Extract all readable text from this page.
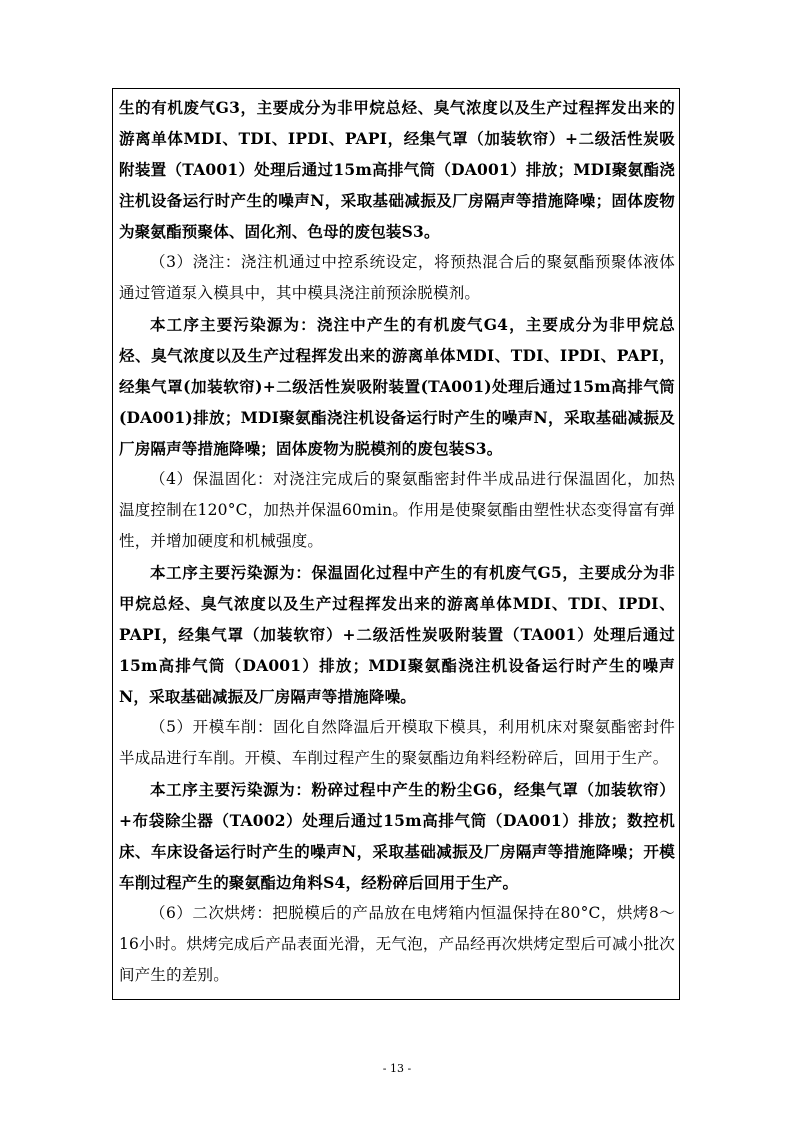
生的有机废气G3，主要成分为非甲烷总烃、臭气浓度以及生产过程挥发出来的游离单体MDI、TDI、IPDI、PAPI，经集气罩（加装软帘）+二级活性炭吸附装置（TA001）处理后通过15m高排气筒（DA001）排放；MDI聚氨酯浇注机设备运行时产生的噪声N，采取基础减振及厂房隔声等措施降噪；固体废物为聚氨酯预聚体、固化剂、色母的废包装S3。

（3）浇注：浇注机通过中控系统设定，将预热混合后的聚氨酯预聚体液体通过管道泵入模具中，其中模具浇注前预涂脱模剂。

本工序主要污染源为：浇注中产生的有机废气G4，主要成分为非甲烷总烃、臭气浓度以及生产过程挥发出来的游离单体MDI、TDI、IPDI、PAPI，经集气罩(加装软帘)+二级活性炭吸附装置(TA001)处理后通过15m高排气筒(DA001)排放；MDI聚氨酯浇注机设备运行时产生的噪声N，采取基础减振及厂房隔声等措施降噪；固体废物为脱模剂的废包装S3。

（4）保温固化：对浇注完成后的聚氨酯密封件半成品进行保温固化，加热温度控制在120°C，加热并保温60min。作用是使聚氨酯由塑性状态变得富有弹性，并增加硬度和机械强度。

本工序主要污染源为：保温固化过程中产生的有机废气G5，主要成分为非甲烷总烃、臭气浓度以及生产过程挥发出来的游离单体MDI、TDI、IPDI、PAPI，经集气罩（加装软帘）+二级活性炭吸附装置（TA001）处理后通过15m高排气筒（DA001）排放；MDI聚氨酯浇注机设备运行时产生的噪声N，采取基础减振及厂房隔声等措施降噪。

（5）开模车削：固化自然降温后开模取下模具，利用机床对聚氨酯密封件半成品进行车削。开模、车削过程产生的聚氨酯边角料经粉碎后，回用于生产。

本工序主要污染源为：粉碎过程中产生的粉尘G6，经集气罩（加装软帘）+布袋除尘器（TA002）处理后通过15m高排气筒（DA001）排放；数控机床、车床设备运行时产生的噪声N，采取基础减振及厂房隔声等措施降噪；开模车削过程产生的聚氨酯边角料S4，经粉碎后回用于生产。

（6）二次烘烤：把脱模后的产品放在电烤箱内恒温保持在80°C，烘烤8～16小时。烘烤完成后产品表面光滑，无气泡，产品经再次烘烤定型后可减小批次间产生的差别。

- 13 -
